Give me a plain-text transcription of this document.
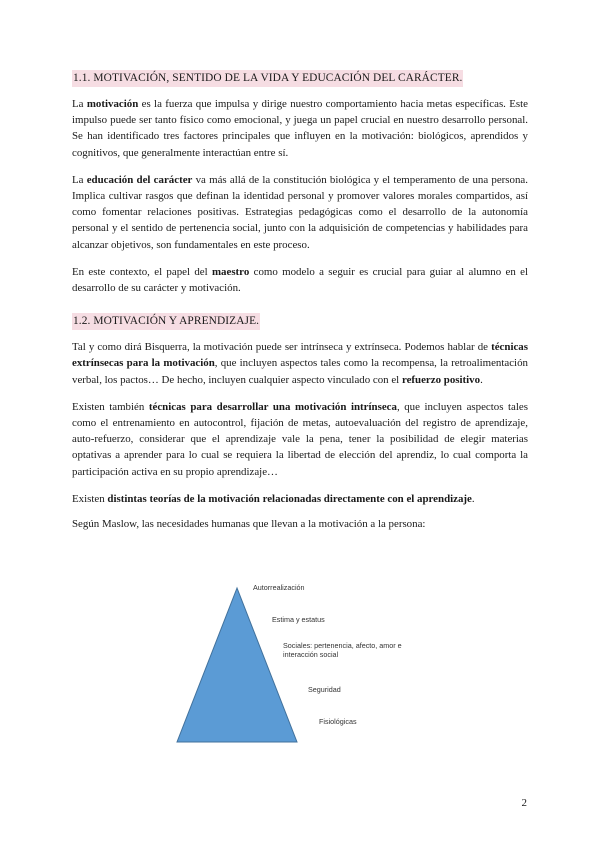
1.1. MOTIVACIÓN, SENTIDO DE LA VIDA Y EDUCACIÓN DEL CARÁCTER.

La motivación es la fuerza que impulsa y dirige nuestro comportamiento hacia metas específicas. Este impulso puede ser tanto físico como emocional, y juega un papel crucial en nuestro desarrollo personal. Se han identificado tres factores principales que influyen en la motivación: biológicos, aprendidos y cognitivos, que generalmente interactúan entre sí.

La educación del carácter va más allá de la constitución biológica y el temperamento de una persona. Implica cultivar rasgos que definan la identidad personal y promover valores morales compartidos, así como fomentar relaciones positivas. Estrategias pedagógicas como el desarrollo de la autonomía personal y el sentido de pertenencia social, junto con la adquisición de competencias y habilidades para alcanzar objetivos, son fundamentales en este proceso.

En este contexto, el papel del maestro como modelo a seguir es crucial para guiar al alumno en el desarrollo de su carácter y motivación.

1.2. MOTIVACIÓN Y APRENDIZAJE.

Tal y como dirá Bisquerra, la motivación puede ser intrínseca y extrínseca. Podemos hablar de técnicas extrínsecas para la motivación, que incluyen aspectos tales como la recompensa, la retroalimentación verbal, los pactos… De hecho, incluyen cualquier aspecto vinculado con el refuerzo positivo.

Existen también técnicas para desarrollar una motivación intrínseca, que incluyen aspectos tales como el entrenamiento en autocontrol, fijación de metas, autoevaluación del registro de aprendizaje, auto-refuerzo, considerar que el aprendizaje vale la pena, tener la posibilidad de elegir materias optativas a aprender para lo cual se requiera la libertad de elección del aprendiz, lo cual comporta la participación activa en su propio aprendizaje…

Existen distintas teorías de la motivación relacionadas directamente con el aprendizaje.

Según Maslow, las necesidades humanas que llevan a la motivación a la persona:

Autorrealización
Estima y estatus
Sociales: pertenencia, afecto, amor e interacción social
Seguridad
Fisiológicas
2
